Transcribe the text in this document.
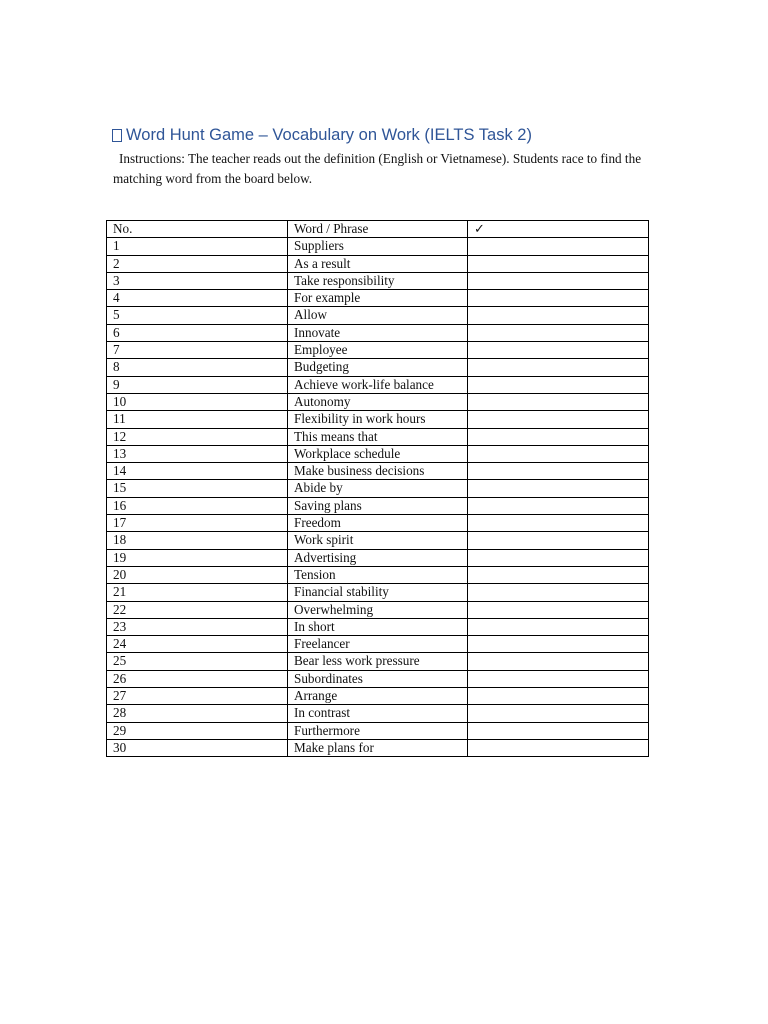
Word Hunt Game – Vocabulary on Work (IELTS Task 2)
Instructions: The teacher reads out the definition (English or Vietnamese). Students race to find the matching word from the board below.
No.	Word / Phrase	✓
1	Suppliers	
2	As a result	
3	Take responsibility	
4	For example	
5	Allow	
6	Innovate	
7	Employee	
8	Budgeting	
9	Achieve work-life balance	
10	Autonomy	
11	Flexibility in work hours	
12	This means that	
13	Workplace schedule	
14	Make business decisions	
15	Abide by	
16	Saving plans	
17	Freedom	
18	Work spirit	
19	Advertising	
20	Tension	
21	Financial stability	
22	Overwhelming	
23	In short	
24	Freelancer	
25	Bear less work pressure	
26	Subordinates	
27	Arrange	
28	In contrast	
29	Furthermore	
30	Make plans for	
